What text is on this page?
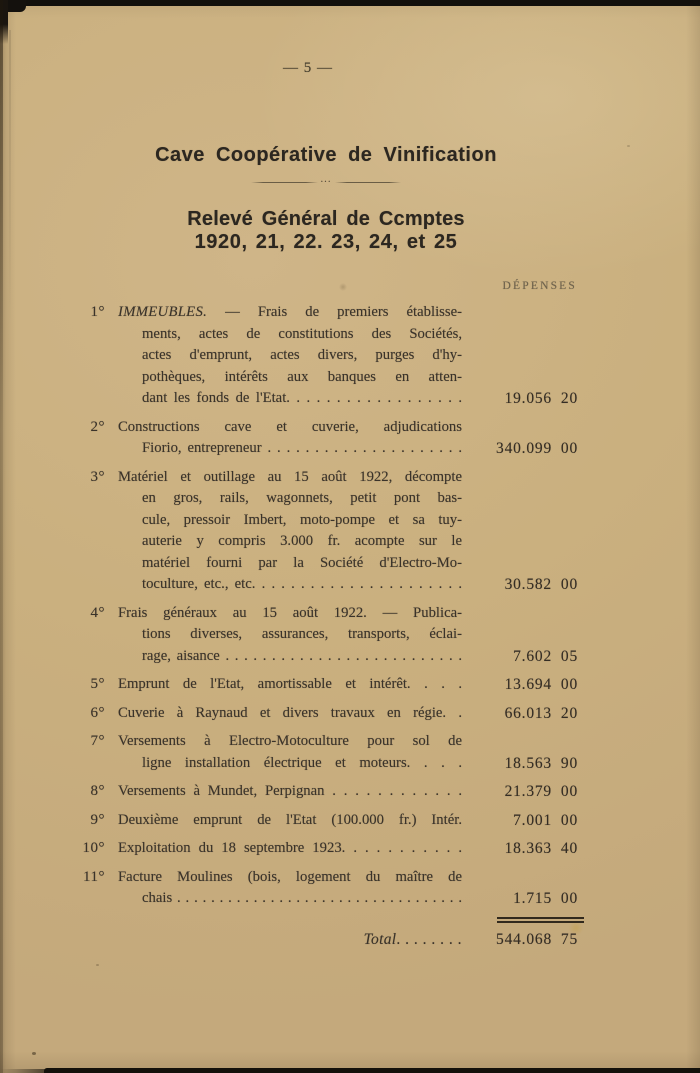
— 5 —
Cave Coopérative de Vinification
···
Relevé Général de Ccmptes
1920, 21, 22. 23, 24, et 25
DÉPENSES
1° IMMEUBLES. — Frais de premiers établisse-
ments, actes de constitutions des Sociétés,
actes d'emprunt, actes divers, purges d'hy-
pothèques, intérêts aux banques en atten-
dant les fonds de l'Etat. . . . . . . . . . . . . . . . . .	19.056 20
2° Constructions cave et cuverie, adjudications
Fiorio, entrepreneur . . . . . . . . . . . . . . . . . . . . .	340.099 00
3° Matériel et outillage au 15 août 1922, décompte
en gros, rails, wagonnets, petit pont bas-
cule, pressoir Imbert, moto-pompe et sa tuy-
auterie y compris 3.000 fr. acompte sur le
matériel fourni par la Société d'Electro-Mo-
toculture, etc., etc. . . . . . . . . . . . . . . . . . . . . .	30.582 00
4° Frais généraux au 15 août 1922. — Publica-
tions diverses, assurances, transports, éclai-
rage, aisance . . . . . . . . . . . . . . . . . . . . . . . . . .	7.602 05
5° Emprunt de l'Etat, amortissable et intérêt. . . .	13.694 00
6° Cuverie à Raynaud et divers travaux en régie. .	66.013 20
7° Versements à Electro-Motoculture pour sol de
ligne installation électrique et moteurs. . . .	18.563 90
8° Versements à Mundet, Perpignan . . . . . . . . . . . .	21.379 00
9° Deuxième emprunt de l'Etat (100.000 fr.) Intér.	7.001 00
10° Exploitation du 18 septembre 1923. . . . . . . . . . .	18.363 40
11° Facture Moulines (bois, logement du maître de
chais . . . . . . . . . . . . . . . . . . . . . . . . . . . . . . . . . .	1.715 00
Total. . . . . . . .	544.068 75
